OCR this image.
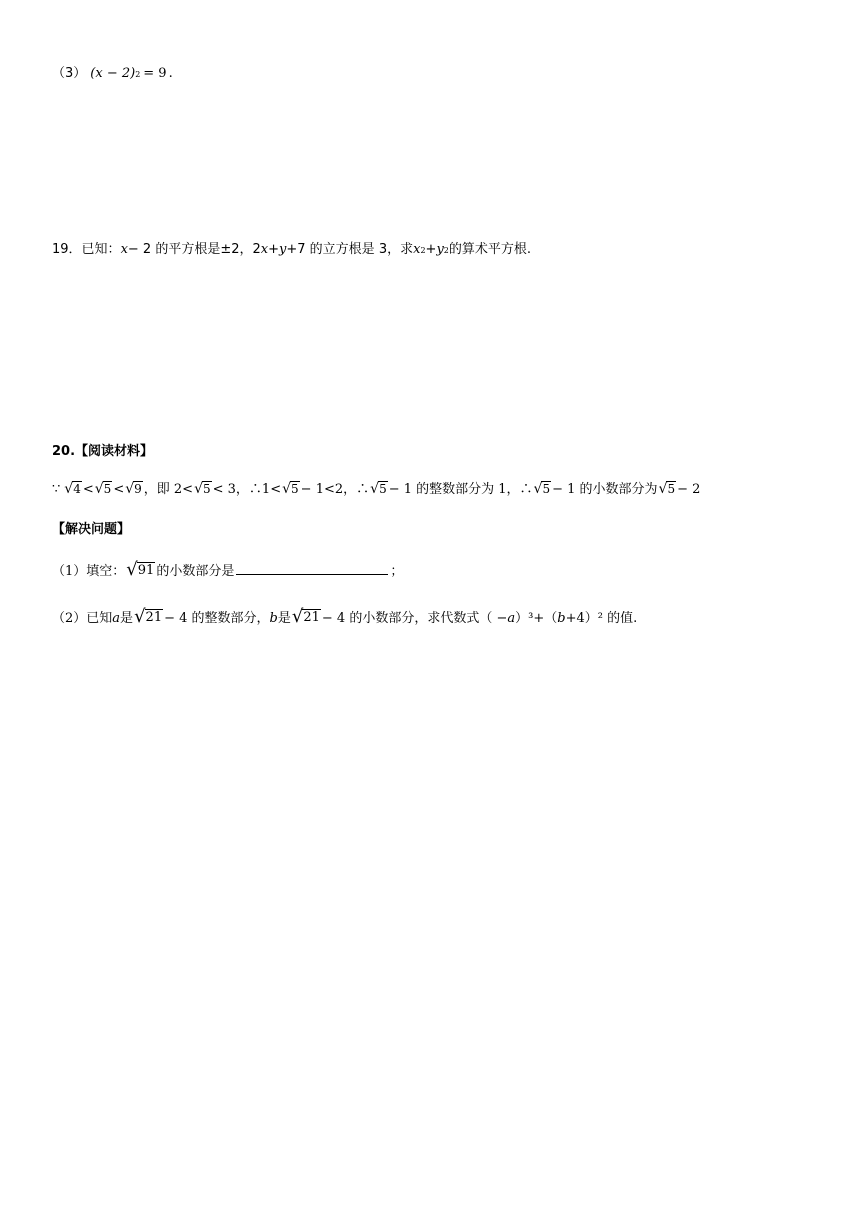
（3） (x − 2) 2 = 9 .
19． 已知： x − 2 的平方根是±2，2 x + y +7 的立方根是 3，求 x 2 + y 2 的算术平方根.
20. 【阅读材料】
∵ √ 4 < √ 5 < √ 9 ，即 2< √ 5 < 3，∴1< √ 5 − 1<2，∴ √ 5 − 1 的整数部分为 1，∴ √ 5 − 1 的小数部分为 √ 5 − 2
【解决问题】
（1）填空： √ 91 的小数部分是	；
（2）已知 a 是 √ 21 − 4 的整数部分， b 是 √ 21 − 4 的小数部分，求代数式（ − a ）³+（ b +4）² 的值.
